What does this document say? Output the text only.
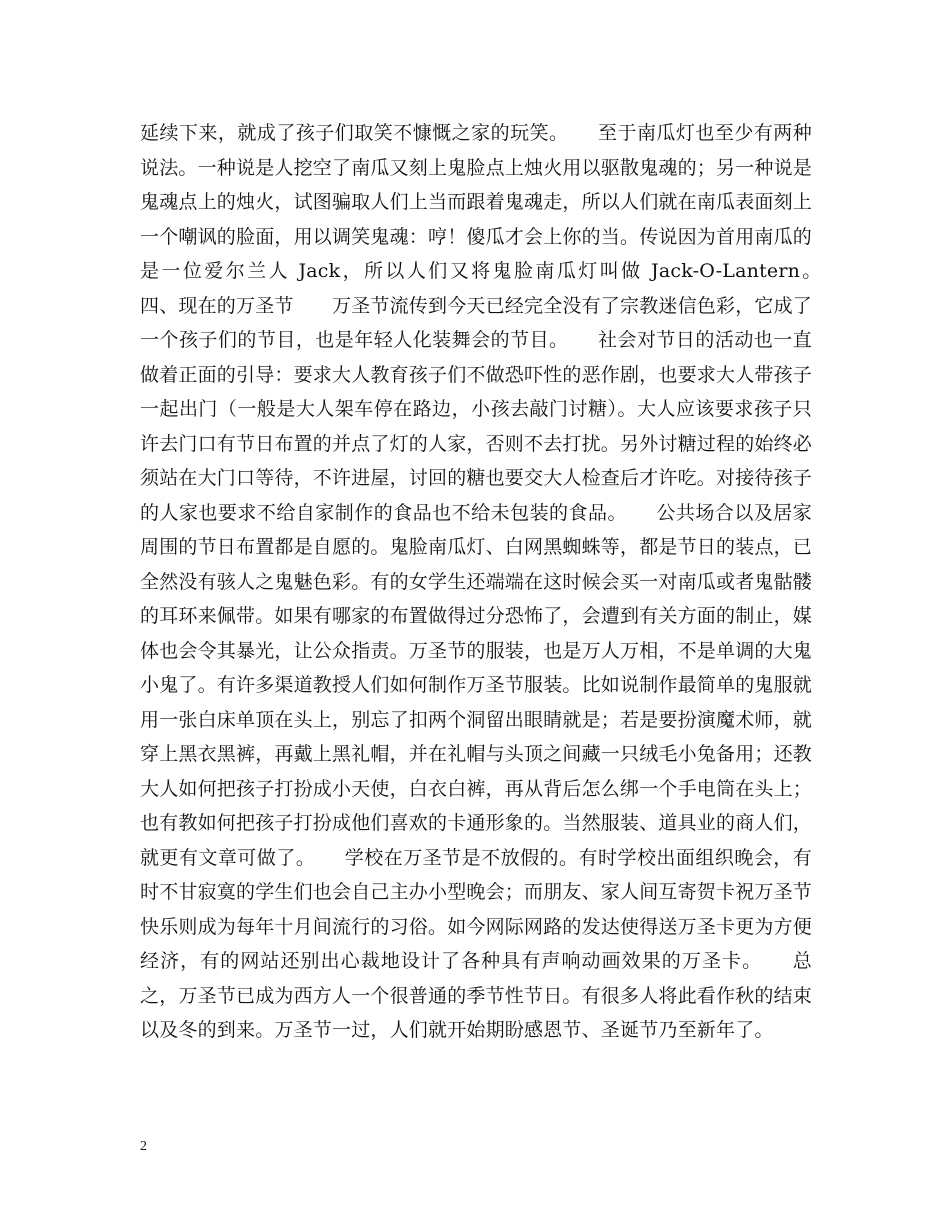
延续下来，就成了孩子们取笑不慷慨之家的玩笑。　　至于南瓜灯也至少有两种说法。一种说是人挖空了南瓜又刻上鬼脸点上烛火用以驱散鬼魂的；另一种说是鬼魂点上的烛火，试图骗取人们上当而跟着鬼魂走，所以人们就在南瓜表面刻上一个嘲讽的脸面，用以调笑鬼魂：哼！傻瓜才会上你的当。传说因为首用南瓜的是一位爱尔兰人 Jack，所以人们又将鬼脸南瓜灯叫做 Jack-O-Lantern。　　四、现在的万圣节　　万圣节流传到今天已经完全没有了宗教迷信色彩，它成了一个孩子们的节目，也是年轻人化装舞会的节目。　　社会对节日的活动也一直做着正面的引导：要求大人教育孩子们不做恐吓性的恶作剧，也要求大人带孩子一起出门（一般是大人架车停在路边，小孩去敲门讨糖）。大人应该要求孩子只许去门口有节日布置的并点了灯的人家，否则不去打扰。另外讨糖过程的始终必须站在大门口等待，不许进屋，讨回的糖也要交大人检查后才许吃。对接待孩子的人家也要求不给自家制作的食品也不给未包装的食品。　　公共场合以及居家周围的节日布置都是自愿的。鬼脸南瓜灯、白网黑蜘蛛等，都是节日的装点，已全然没有骇人之鬼魅色彩。有的女学生还端端在这时候会买一对南瓜或者鬼骷髅的耳环来佩带。如果有哪家的布置做得过分恐怖了，会遭到有关方面的制止，媒体也会令其暴光，让公众指责。万圣节的服装，也是万人万相，不是单调的大鬼小鬼了。有许多渠道教授人们如何制作万圣节服装。比如说制作最简单的鬼服就用一张白床单顶在头上，别忘了扣两个洞留出眼睛就是；若是要扮演魔术师，就穿上黑衣黑裤，再戴上黑礼帽，并在礼帽与头顶之间藏一只绒毛小兔备用；还教大人如何把孩子打扮成小天使，白衣白裤，再从背后怎么绑一个手电筒在头上；也有教如何把孩子打扮成他们喜欢的卡通形象的。当然服装、道具业的商人们，就更有文章可做了。　　学校在万圣节是不放假的。有时学校出面组织晚会，有时不甘寂寞的学生们也会自己主办小型晚会；而朋友、家人间互寄贺卡祝万圣节快乐则成为每年十月间流行的习俗。如今网际网路的发达使得送万圣卡更为方便经济，有的网站还别出心裁地设计了各种具有声响动画效果的万圣卡。　　总之，万圣节已成为西方人一个很普通的季节性节日。有很多人将此看作秋的结束以及冬的到来。万圣节一过，人们就开始期盼感恩节、圣诞节乃至新年了。

2
